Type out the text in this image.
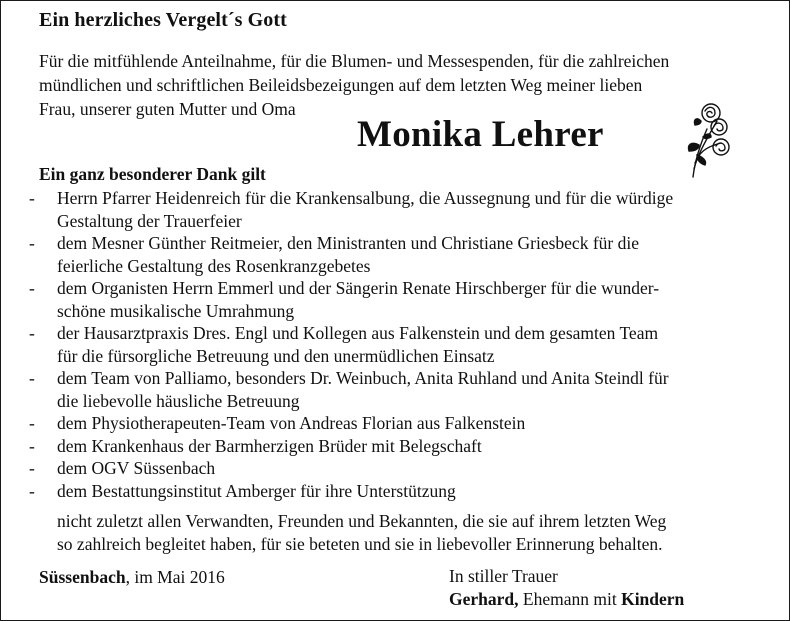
Ein herzliches Vergelt´s Gott
Für die mitfühlende Anteilnahme, für die Blumen- und Messespenden, für die zahlreichen
mündlichen und schriftlichen Beileidsbezeigungen auf dem letzten Weg meiner lieben
Frau, unserer guten Mutter und Oma
Monika Lehrer
Ein ganz besonderer Dank gilt
- Herrn Pfarrer Heidenreich für die Krankensalbung, die Aussegnung und für die würdige
Gestaltung der Trauerfeier
- dem Mesner Günther Reitmeier, den Ministranten und Christiane Griesbeck für die
feierliche Gestaltung des Rosenkranzgebetes
- dem Organisten Herrn Emmerl und der Sängerin Renate Hirschberger für die wunder-
schöne musikalische Umrahmung
- der Hausarztpraxis Dres. Engl und Kollegen aus Falkenstein und dem gesamten Team
für die fürsorgliche Betreuung und den unermüdlichen Einsatz
- dem Team von Palliamo, besonders Dr. Weinbuch, Anita Ruhland und Anita Steindl für
die liebevolle häusliche Betreuung
- dem Physiotherapeuten-Team von Andreas Florian aus Falkenstein
- dem Krankenhaus der Barmherzigen Brüder mit Belegschaft
- dem OGV Süssenbach
- dem Bestattungsinstitut Amberger für ihre Unterstützung
nicht zuletzt allen Verwandten, Freunden und Bekannten, die sie auf ihrem letzten Weg
so zahlreich begleitet haben, für sie beteten und sie in liebevoller Erinnerung behalten.
Süssenbach, im Mai 2016	In stiller Trauer
Gerhard, Ehemann mit Kindern
